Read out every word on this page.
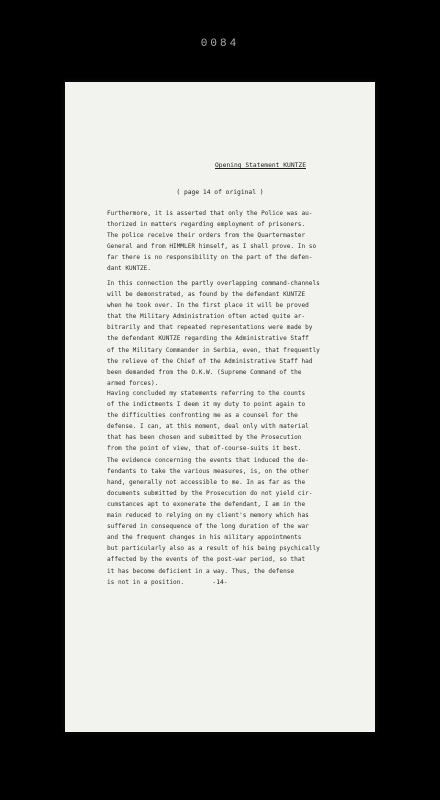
0084
Opening Statement KUNTZE
( page 14 of original )
Furthermore, it is asserted that only the Police was au-
thorized in matters regarding employment of prisoners.
The police receive their orders from the Quartermaster
General and from HIMMLER himself, as I shall prove. In so
far there is no responsibility on the part of the defen-
dant KUNTZE.
In this connection the partly overlapping command-channels
will be demonstrated, as found by the defendant KUNTZE
when he took over. In the first place it will be proved
that the Military Administration often acted quite ar-
bitrarily and that repeated representations were made by
the defendant KUNTZE regarding the Administrative Staff
of the Military Commander in Serbia, even, that frequently
the relieve of the Chief of the Administrative Staff had
been demanded from the O.K.W. (Supreme Command of the
armed forces).
Having concluded my statements referring to the counts
of the indictments I deem it my duty to point again to
the difficulties confronting me as a counsel for the
defense. I can, at this moment, deal only with material
that has been chosen and submitted by the Prosecution
from the point of view, that of-course-suits it best.
The evidence concerning the events that induced the de-
fendants to take the various measures, is, on the other
hand, generally not accessible to me. In as far as the
documents submitted by the Prosecution do not yield cir-
cumstances apt to exonerate the defendant, I am in the
main reduced to relying on my client's memory which has
suffered in consequence of the long duration of the war
and the frequent changes in his military appointments
but particularly also as a result of his being psychically
affected by the events of the post-war period, so that
it has become deficient in a way. Thus, the defense
is not in a position.	-14-
